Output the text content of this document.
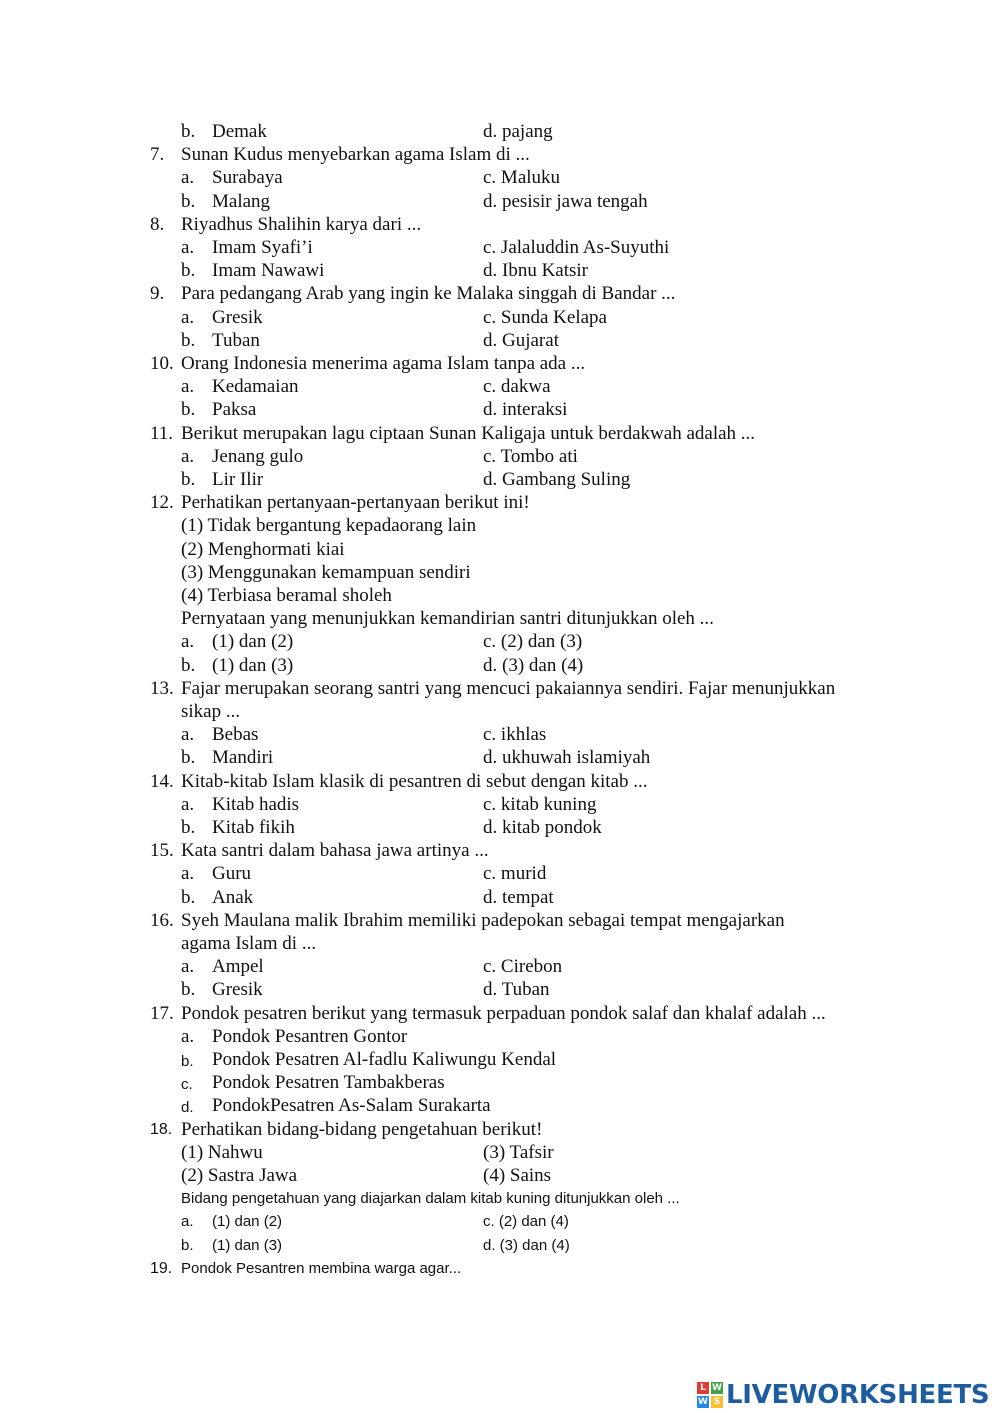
b. Demak	d. pajang
7. Sunan Kudus menyebarkan agama Islam di ...
a. Surabaya	c. Maluku
b. Malang	d. pesisir jawa tengah
8. Riyadhus Shalihin karya dari ...
a. Imam Syafi’i	c. Jalaluddin As-Suyuthi
b. Imam Nawawi	d. Ibnu Katsir
9. Para pedangang Arab yang ingin ke Malaka singgah di Bandar ...
a. Gresik	c. Sunda Kelapa
b. Tuban	d. Gujarat
10. Orang Indonesia menerima agama Islam tanpa ada ...
a. Kedamaian	c. dakwa
b. Paksa	d. interaksi
11. Berikut merupakan lagu ciptaan Sunan Kaligaja untuk berdakwah adalah ...
a. Jenang gulo	c. Tombo ati
b. Lir Ilir	d. Gambang Suling
12. Perhatikan pertanyaan-pertanyaan berikut ini!
(1) Tidak bergantung kepadaorang lain
(2) Menghormati kiai
(3) Menggunakan kemampuan sendiri
(4) Terbiasa beramal sholeh
Pernyataan yang menunjukkan kemandirian santri ditunjukkan oleh ...
a. (1) dan (2)	c. (2) dan (3)
b. (1) dan (3)	d. (3) dan (4)
13. Fajar merupakan seorang santri yang mencuci pakaiannya sendiri. Fajar menunjukkan
sikap ...
a. Bebas	c. ikhlas
b. Mandiri	d. ukhuwah islamiyah
14. Kitab-kitab Islam klasik di pesantren di sebut dengan kitab ...
a. Kitab hadis	c. kitab kuning
b. Kitab fikih	d. kitab pondok
15. Kata santri dalam bahasa jawa artinya ...
a. Guru	c. murid
b. Anak	d. tempat
16. Syeh Maulana malik Ibrahim memiliki padepokan sebagai tempat mengajarkan
agama Islam di ...
a. Ampel	c. Cirebon
b. Gresik	d. Tuban
17. Pondok pesatren berikut yang termasuk perpaduan pondok salaf dan khalaf adalah ...
a. Pondok Pesantren Gontor
b. Pondok Pesatren Al-fadlu Kaliwungu Kendal
c. Pondok Pesatren Tambakberas
d. PondokPesatren As-Salam Surakarta
18. Perhatikan bidang-bidang pengetahuan berikut!
(1) Nahwu	(3) Tafsir
(2) Sastra Jawa	(4) Sains
Bidang pengetahuan yang diajarkan dalam kitab kuning ditunjukkan oleh ...
a. (1) dan (2)	c. (2) dan (4)
b. (1) dan (3)	d. (3) dan (4)
19. Pondok Pesantren membina warga agar...
L W
W S LIVEWORKSHEETS
